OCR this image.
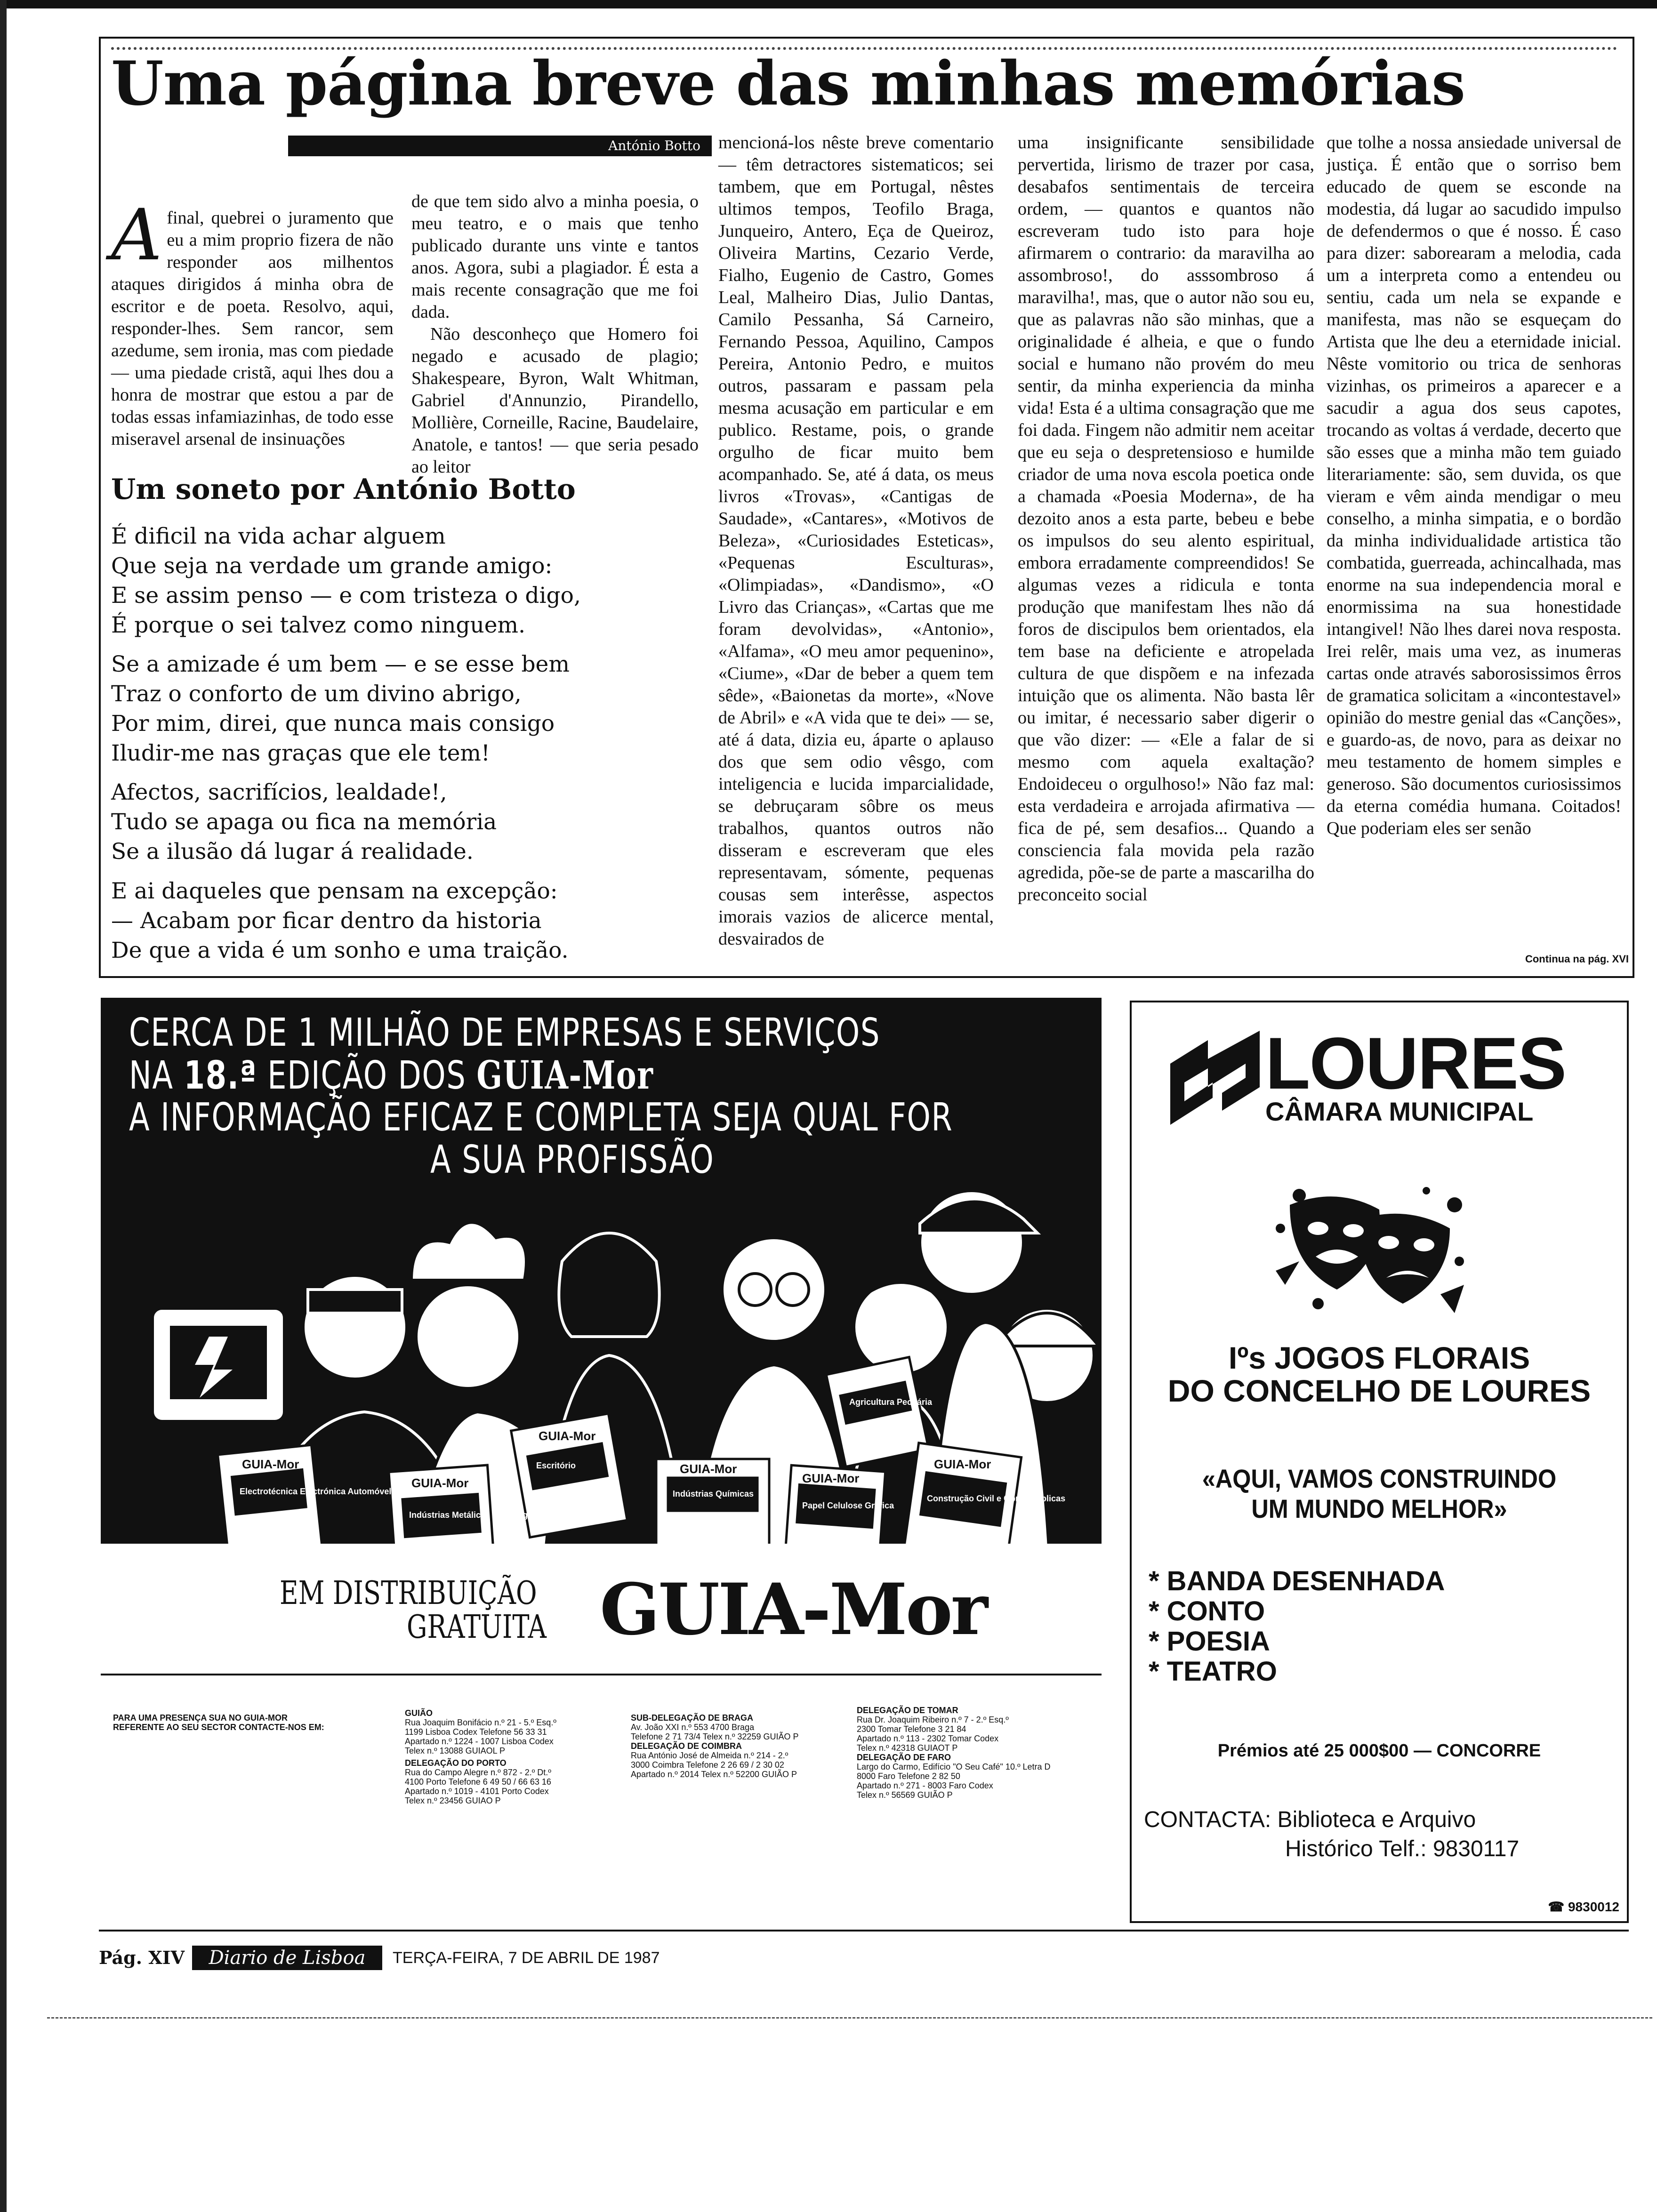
Uma página breve das minhas memórias
António Botto
A final, quebrei o juramento que eu a mim proprio fizera de não responder aos milhentos ataques dirigidos á minha obra de escritor e de poeta. Resolvo, aqui, responder-lhes. Sem rancor, sem azedume, sem ironia, mas com piedade — uma piedade cristã, aqui lhes dou a honra de mostrar que estou a par de todas essas infamiazinhas, de todo esse miseravel arsenal de insinuações

de que tem sido alvo a minha poesia, o meu teatro, e o mais que tenho publicado durante uns vinte e tantos anos. Agora, subi a plagiador. É esta a mais recente consagração que me foi dada.

Não desconheço que Homero foi negado e acusado de plagio; Shakespeare, Byron, Walt Whitman, Gabriel d'Annunzio, Pirandello, Mollière, Corneille, Racine, Baudelaire, Anatole, e tantos! — que seria pesado ao leitor

Um soneto por António Botto
É dificil na vida achar alguem
Que seja na verdade um grande amigo:
E se assim penso — e com tristeza o digo,
É porque o sei talvez como ninguem.
Se a amizade é um bem — e se esse bem
Traz o conforto de um divino abrigo,
Por mim, direi, que nunca mais consigo
Iludir-me nas graças que ele tem!
Afectos, sacrifícios, lealdade!,
Tudo se apaga ou fica na memória
Se a ilusão dá lugar á realidade.
E ai daqueles que pensam na excepção:
— Acabam por ficar dentro da historia
De que a vida é um sonho e uma traição.
mencioná-los nêste breve comentario — têm detractores sistematicos; sei tambem, que em Portugal, nêstes ultimos tempos, Teofilo Braga, Junqueiro, Antero, Eça de Queiroz, Oliveira Martins, Cezario Verde, Fialho, Eugenio de Castro, Gomes Leal, Malheiro Dias, Julio Dantas, Camilo Pessanha, Sá Carneiro, Fernando Pessoa, Aquilino, Campos Pereira, Antonio Pedro, e muitos outros, passaram e passam pela mesma acusação em particular e em publico. Restame, pois, o grande orgulho de ficar muito bem acompanhado. Se, até á data, os meus livros «Trovas», «Cantigas de Saudade», «Cantares», «Motivos de Beleza», «Curiosidades Esteticas», «Pequenas Esculturas», «Olimpiadas», «Dandismo», «O Livro das Crianças», «Cartas que me foram devolvidas», «Antonio», «Alfama», «O meu amor pequenino», «Ciume», «Dar de beber a quem tem sêde», «Baionetas da morte», «Nove de Abril» e «A vida que te dei» — se, até á data, dizia eu, áparte o aplauso dos que sem odio vêsgo, com inteligencia e lucida imparcialidade, se debruçaram sôbre os meus trabalhos, quantos outros não disseram e escreveram que eles representavam, sómente, pequenas cousas sem interêsse, aspectos imorais vazios de alicerce mental, desvairados de
uma insignificante sensibilidade pervertida, lirismo de trazer por casa, desabafos sentimentais de terceira ordem, — quantos e quantos não escreveram tudo isto para hoje afirmarem o contrario: da maravilha ao assombroso!, do asssombroso á maravilha!, mas, que o autor não sou eu, que as palavras não são minhas, que a originalidade é alheia, e que o fundo social e humano não provém do meu sentir, da minha experiencia da minha vida! Esta é a ultima consagração que me foi dada. Fingem não admitir nem aceitar que eu seja o despretensioso e humilde criador de uma nova escola poetica onde a chamada «Poesia Moderna», de ha dezoito anos a esta parte, bebeu e bebe os impulsos do seu alento espiritual, embora erradamente compreendidos! Se algumas vezes a ridicula e tonta produção que manifestam lhes não dá foros de discipulos bem orientados, ela tem base na deficiente e atropelada cultura de que dispõem e na infezada intuição que os alimenta. Não basta lêr ou imitar, é necessario saber digerir o que vão dizer: — «Ele a falar de si mesmo com aquela exaltação? Endoideceu o orgulhoso!» Não faz mal: esta verdadeira e arrojada afirmativa — fica de pé, sem desafios... Quando a consciencia fala movida pela razão agredida, põe-se de parte a mascarilha do preconceito social
que tolhe a nossa ansiedade universal de justiça. É então que o sorriso bem educado de quem se esconde na modestia, dá lugar ao sacudido impulso de defendermos o que é nosso. É caso para dizer: saborearam a melodia, cada um a interpreta como a entendeu ou sentiu, cada um nela se expande e manifesta, mas não se esqueçam do Artista que lhe deu a eternidade inicial. Nêste vomitorio ou trica de senhoras vizinhas, os primeiros a aparecer e a sacudir a agua dos seus capotes, trocando as voltas á verdade, decerto que são esses que a minha mão tem guiado literariamente: são, sem duvida, os que vieram e vêm ainda mendigar o meu conselho, a minha simpatia, e o bordão da minha individualidade artistica tão combatida, guerreada, achincalhada, mas enorme na sua independencia moral e enormissima na sua honestidade intangivel! Não lhes darei nova resposta. Irei relêr, mais uma vez, as inumeras cartas onde através saborosissimos êrros de gramatica solicitam a «incontestavel» opinião do mestre genial das «Canções», e guardo-as, de novo, para as deixar no meu testamento de homem simples e generoso. São documentos curiosissimos da eterna comédia humana. Coitados! Que poderiam eles ser senão
Continua na pág. XVI
CERCA DE 1 MILHÃO DE EMPRESAS E SERVIÇOS
NA 18.ª EDIÇÃO DOS GUIA-Mor
A INFORMAÇÃO EFICAZ E COMPLETA SEJA QUAL FOR
A SUA PROFISSÃO
GUIA-Mor
GUIA-Mor
GUIA-Mor
GUIA-Mor
GUIA-Mor
GUIA-Mor
Electrotécnica Electrónica Automóvel
Indústrias Metálicas Metalúrgicas
Escritório
Indústrias Químicas
Papel Celulose Gráfica
Agricultura Pecuária
Construção Civil e Obras Públicas
EM DISTRIBUIÇÃO
GRATUITA GUIA-Mor
PARA UMA PRESENÇA SUA NO GUIA-MOR
REFERENTE AO SEU SECTOR CONTACTE-NOS EM:
GUIÃO
Rua Joaquim Bonifácio n.º 21 - 5.º Esq.º
1199 Lisboa Codex Telefone 56 33 31
Apartado n.º 1224 - 1007 Lisboa Codex
Telex n.º 13088 GUIAOL P
DELEGAÇÃO DO PORTO
Rua do Campo Alegre n.º 872 - 2.º Dt.º
4100 Porto Telefone 6 49 50 / 66 63 16
Apartado n.º 1019 - 4101 Porto Codex
Telex n.º 23456 GUIAO P
SUB-DELEGAÇÃO DE BRAGA
Av. João XXI n.º 553 4700 Braga
Telefone 2 71 73/4 Telex n.º 32259 GUIÃO P
DELEGAÇÃO DE COIMBRA
Rua António José de Almeida n.º 214 - 2.º
3000 Coimbra Telefone 2 26 69 / 2 30 02
Apartado n.º 2014 Telex n.º 52200 GUIÃO P
DELEGAÇÃO DE TOMAR
Rua Dr. Joaquim Ribeiro n.º 7 - 2.º Esq.º
2300 Tomar Telefone 3 21 84
Apartado n.º 113 - 2302 Tomar Codex
Telex n.º 42318 GUIAOT P
DELEGAÇÃO DE FARO
Largo do Carmo, Edifício "O Seu Café" 10.º Letra D
8000 Faro Telefone 2 82 50
Apartado n.º 271 - 8003 Faro Codex
Telex n.º 56569 GUIÃO P
LOURES
CÂMARA MUNICIPAL
Iºs JOGOS FLORAIS
DO CONCELHO DE LOURES
«AQUI, VAMOS CONSTRUINDO
UM MUNDO MELHOR»
* BANDA DESENHADA
* CONTO
* POESIA
* TEATRO
Prémios até 25 000$00 — CONCORRE
CONTACTA: Biblioteca e Arquivo
Histórico Telf.: 9830117
☎ 9830012
Pág. XIV	Diario de Lisboa	TERÇA-FEIRA, 7 DE ABRIL DE 1987
